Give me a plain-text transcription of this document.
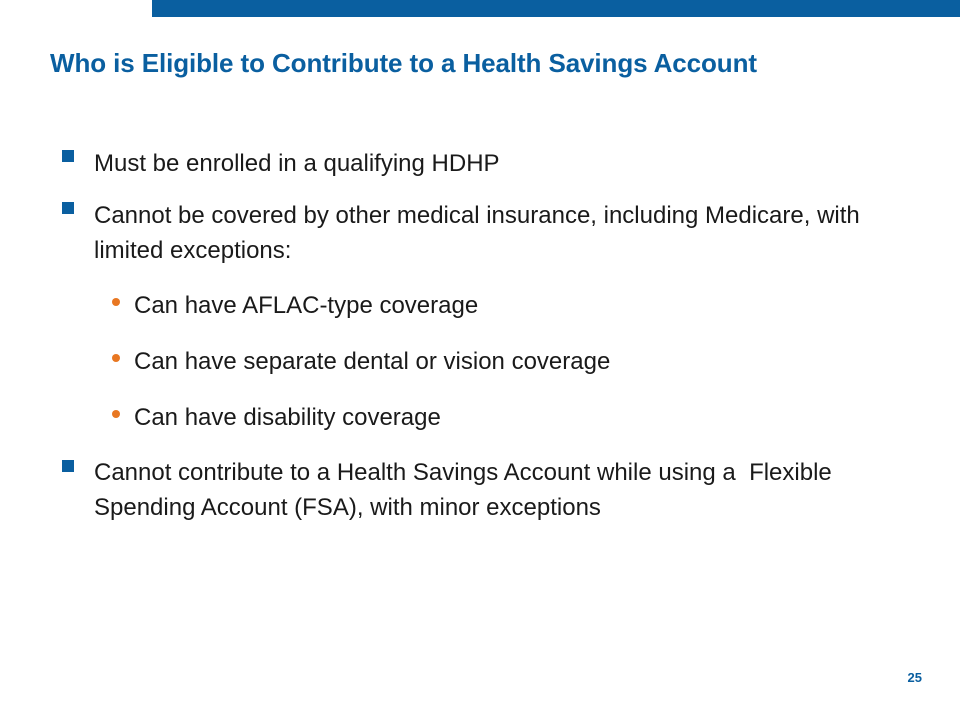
Who is Eligible to Contribute to a Health Savings Account
Must be enrolled in a qualifying HDHP
Cannot be covered by other medical insurance, including Medicare, with limited exceptions:
Can have AFLAC-type coverage
Can have separate dental or vision coverage
Can have disability coverage
Cannot contribute to a Health Savings Account while using a  Flexible Spending Account (FSA), with minor exceptions
25
